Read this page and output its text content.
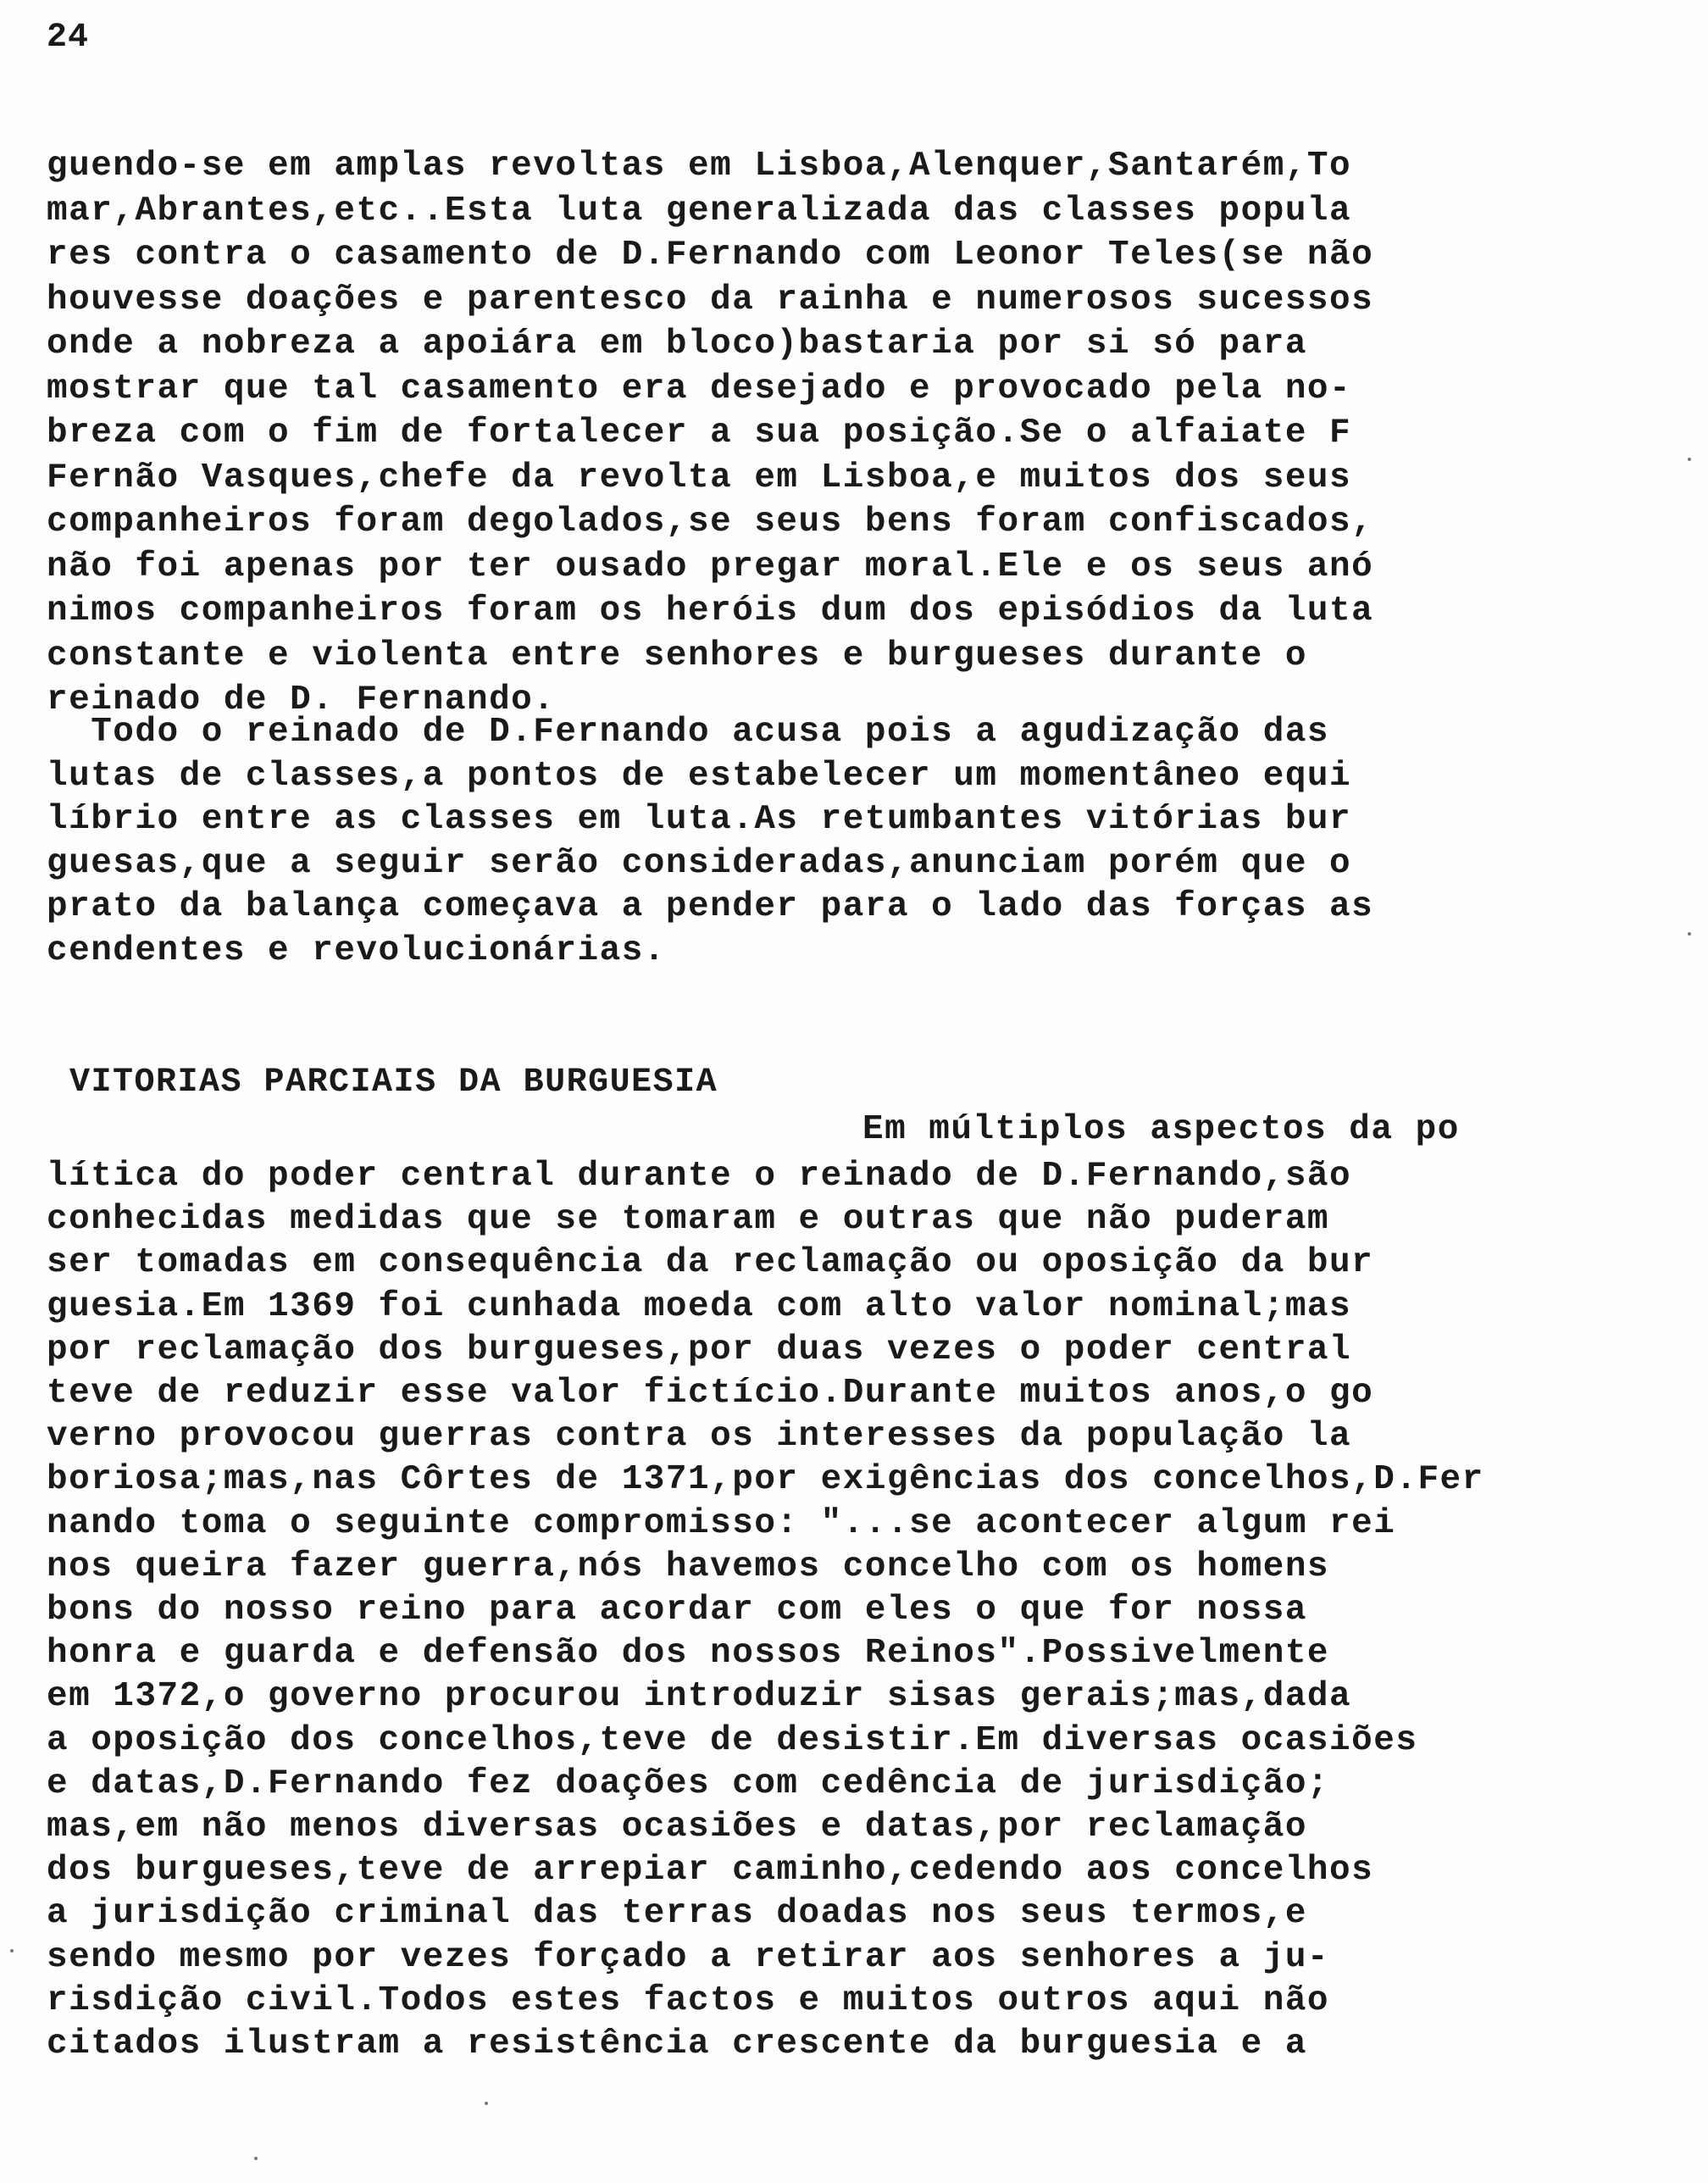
24
guendo-se em amplas revoltas em Lisboa,Alenquer,Santarém,To
mar,Abrantes,etc..Esta luta generalizada das classes popula
res contra o casamento de D.Fernando com Leonor Teles(se não
houvesse doações e parentesco da rainha e numerosos sucessos
onde a nobreza a apoiára em bloco)bastaria por si só para
mostrar que tal casamento era desejado e provocado pela no-
breza com o fim de fortalecer a sua posição.Se o alfaiate F
Fernão Vasques,chefe da revolta em Lisboa,e muitos dos seus
companheiros foram degolados,se seus bens foram confiscados,
não foi apenas por ter ousado pregar moral.Ele e os seus anó
nimos companheiros foram os heróis dum dos episódios da luta
constante e violenta entre senhores e burgueses durante o
reinado de D. Fernando.
Todo o reinado de D.Fernando acusa pois a agudização das
lutas de classes,a pontos de estabelecer um momentâneo equi
líbrio entre as classes em luta.As retumbantes vitórias bur
guesas,que a seguir serão consideradas,anunciam porém que o
prato da balança começava a pender para o lado das forças as
cendentes e revolucionárias.
VITORIAS PARCIAIS DA BURGUESIA
Em múltiplos aspectos da po
lítica do poder central durante o reinado de D.Fernando,são
conhecidas medidas que se tomaram e outras que não puderam
ser tomadas em consequência da reclamação ou oposição da bur
guesia.Em 1369 foi cunhada moeda com alto valor nominal;mas
por reclamação dos burgueses,por duas vezes o poder central
teve de reduzir esse valor fictício.Durante muitos anos,o go
verno provocou guerras contra os interesses da população la
boriosa;mas,nas Côrtes de 1371,por exigências dos concelhos,D.Fer
nando toma o seguinte compromisso: "...se acontecer algum rei
nos queira fazer guerra,nós havemos concelho com os homens
bons do nosso reino para acordar com eles o que for nossa
honra e guarda e defensão dos nossos Reinos".Possivelmente
em 1372,o governo procurou introduzir sisas gerais;mas,dada
a oposição dos concelhos,teve de desistir.Em diversas ocasiões
e datas,D.Fernando fez doações com cedência de jurisdição;
mas,em não menos diversas ocasiões e datas,por reclamação
dos burgueses,teve de arrepiar caminho,cedendo aos concelhos
a jurisdição criminal das terras doadas nos seus termos,e
sendo mesmo por vezes forçado a retirar aos senhores a ju-
risdição civil.Todos estes factos e muitos outros aqui não
citados ilustram a resistência crescente da burguesia e a
